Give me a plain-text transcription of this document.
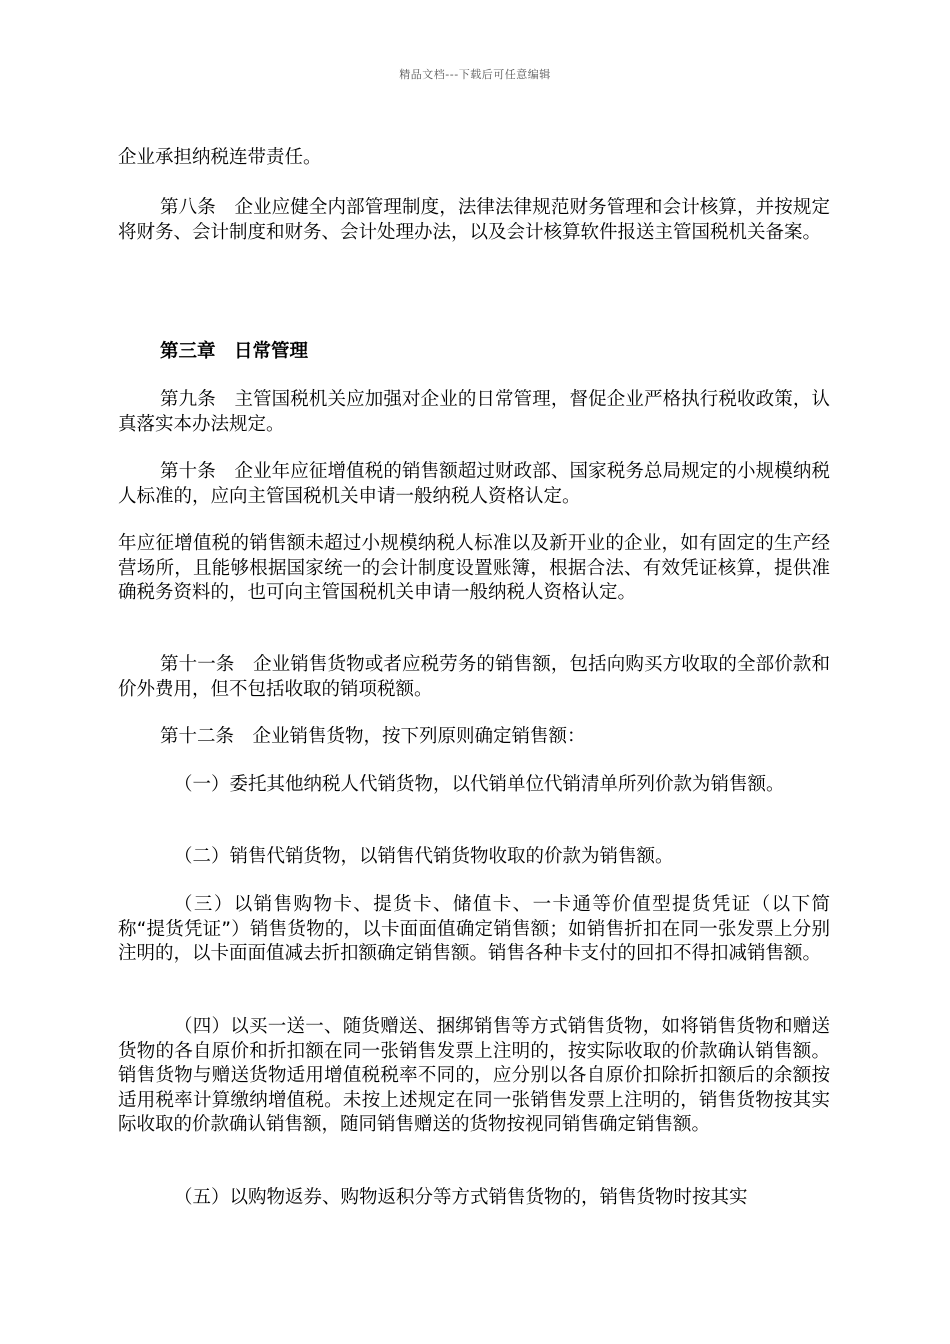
精品文档---下载后可任意编辑

企业承担纳税连带责任。

第八条　企业应健全内部管理制度，法律法律规范财务管理和会计核算，并按规定将财务、会计制度和财务、会计处理办法，以及会计核算软件报送主管国税机关备案。

第三章　日常管理

第九条　主管国税机关应加强对企业的日常管理，督促企业严格执行税收政策，认真落实本办法规定。

第十条　企业年应征增值税的销售额超过财政部、国家税务总局规定的小规模纳税人标准的，应向主管国税机关申请一般纳税人资格认定。

年应征增值税的销售额未超过小规模纳税人标准以及新开业的企业，如有固定的生产经营场所，且能够根据国家统一的会计制度设置账簿，根据合法、有效凭证核算，提供准确税务资料的，也可向主管国税机关申请一般纳税人资格认定。

第十一条　企业销售货物或者应税劳务的销售额，包括向购买方收取的全部价款和价外费用，但不包括收取的销项税额。

第十二条　企业销售货物，按下列原则确定销售额：

（一）委托其他纳税人代销货物，以代销单位代销清单所列价款为销售额。

（二）销售代销货物，以销售代销货物收取的价款为销售额。

（三）以销售购物卡、提货卡、储值卡、一卡通等价值型提货凭证（以下简称“提货凭证”）销售货物的，以卡面面值确定销售额；如销售折扣在同一张发票上分别注明的，以卡面面值减去折扣额确定销售额。销售各种卡支付的回扣不得扣减销售额。

（四）以买一送一、随货赠送、捆绑销售等方式销售货物，如将销售货物和赠送货物的各自原价和折扣额在同一张销售发票上注明的，按实际收取的价款确认销售额。销售货物与赠送货物适用增值税税率不同的，应分别以各自原价扣除折扣额后的余额按适用税率计算缴纳增值税。未按上述规定在同一张销售发票上注明的，销售货物按其实际收取的价款确认销售额，随同销售赠送的货物按视同销售确定销售额。

（五）以购物返券、购物返积分等方式销售货物的，销售货物时按其实
